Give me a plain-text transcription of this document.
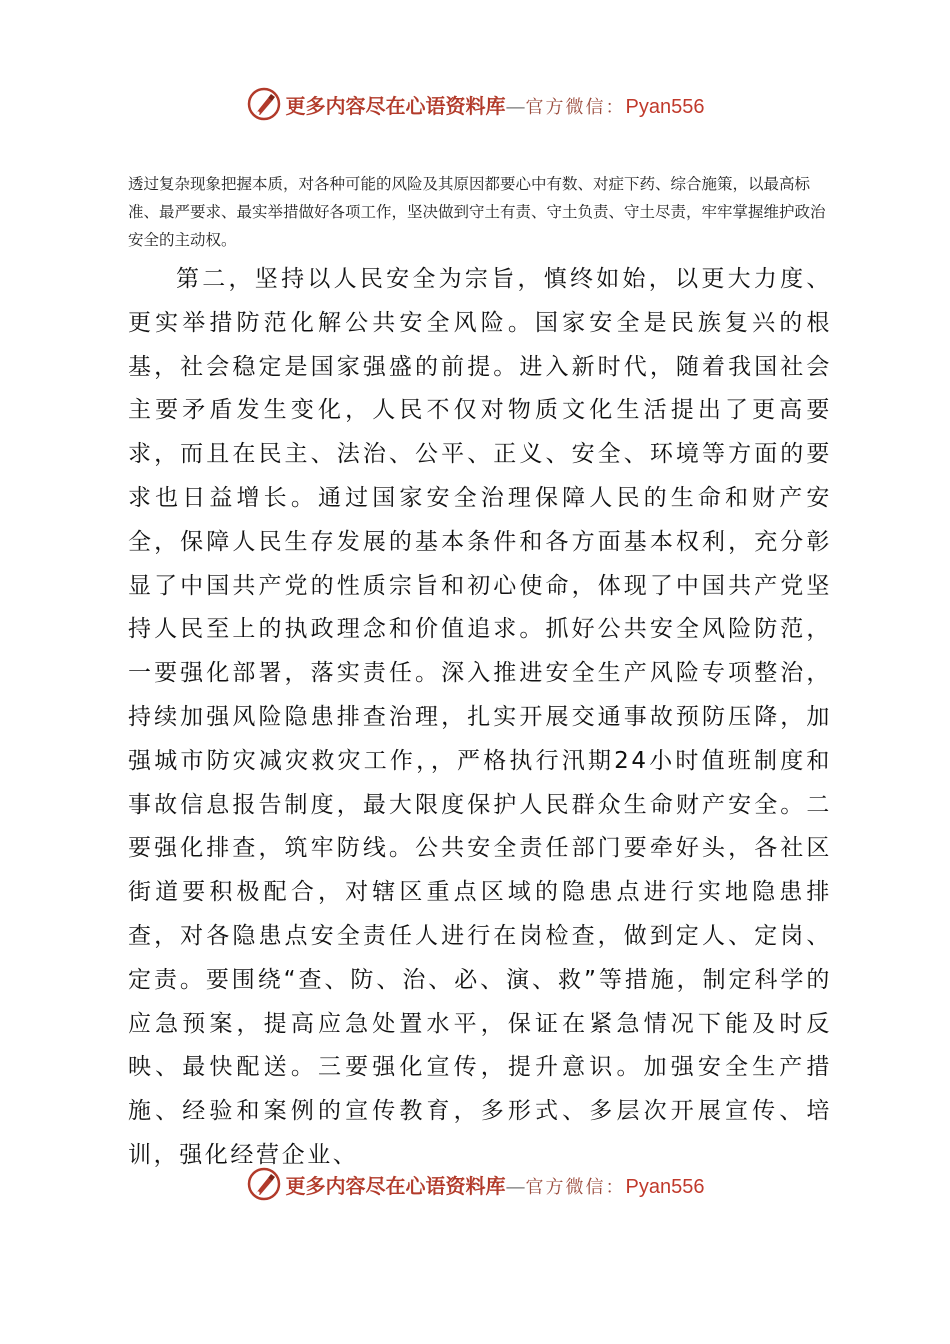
更多内容尽在心语资料库—官方微信：Pyan556

透过复杂现象把握本质，对各种可能的风险及其原因都要心中有数、对症下药、综合施策，以最高标准、最严要求、最实举措做好各项工作，坚决做到守土有责、守土负责、守土尽责，牢牢掌握维护政治安全的主动权。

第二，坚持以人民安全为宗旨，慎终如始，以更大力度、更实举措防范化解公共安全风险。国家安全是民族复兴的根基，社会稳定是国家强盛的前提。进入新时代，随着我国社会主要矛盾发生变化，人民不仅对物质文化生活提出了更高要求，而且在民主、法治、公平、正义、安全、环境等方面的要求也日益增长。通过国家安全治理保障人民的生命和财产安全，保障人民生存发展的基本条件和各方面基本权利，充分彰显了中国共产党的性质宗旨和初心使命，体现了中国共产党坚持人民至上的执政理念和价值追求。抓好公共安全风险防范，一要强化部署，落实责任。深入推进安全生产风险专项整治，持续加强风险隐患排查治理，扎实开展交通事故预防压降，加强城市防灾减灾救灾工作，，严格执行汛期24小时值班制度和事故信息报告制度，最大限度保护人民群众生命财产安全。二要强化排查，筑牢防线。公共安全责任部门要牵好头，各社区街道要积极配合，对辖区重点区域的隐患点进行实地隐患排查，对各隐患点安全责任人进行在岗检查，做到定人、定岗、定责。要围绕“查、防、治、必、演、救”等措施，制定科学的应急预案，提高应急处置水平，保证在紧急情况下能及时反映、最快配送。三要强化宣传，提升意识。加强安全生产措施、经验和案例的宣传教育，多形式、多层次开展宣传、培训，强化经营企业、

更多内容尽在心语资料库—官方微信：Pyan556
